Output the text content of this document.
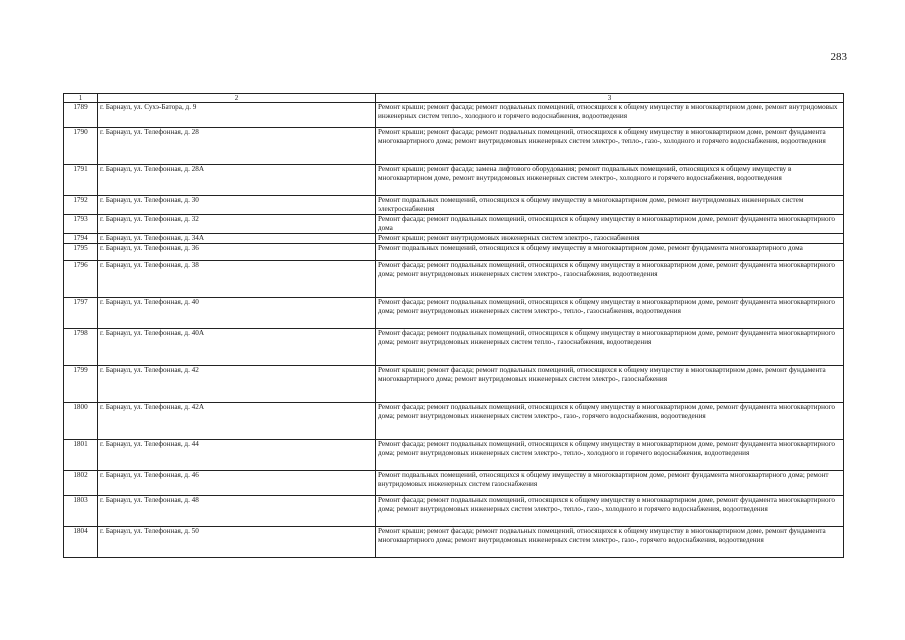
283
1	2	3
1789	г. Барнаул, ул. Сухэ-Батора, д. 9	Ремонт крыши; ремонт фасада; ремонт подвальных помещений, относящихся к общему имуществу в многоквартирном доме, ремонт внутридомовых инженерных систем тепло-, холодного и горячего водоснабжения, водоотведения
1790	г. Барнаул, ул. Телефонная, д. 28	Ремонт крыши; ремонт фасада; ремонт подвальных помещений, относящихся к общему имуществу в многоквартирном доме, ремонт фундамента многоквартирного дома; ремонт внутридомовых инженерных систем электро-, тепло-, газо-, холодного и горячего водоснабжения, водоотведения
1791	г. Барнаул, ул. Телефонная, д. 28А	Ремонт крыши; ремонт фасада; замена лифтового оборудования; ремонт подвальных помещений, относящихся к общему имуществу в многоквартирном доме, ремонт внутридомовых инженерных систем электро-, холодного и горячего водоснабжения, водоотведения
1792	г. Барнаул, ул. Телефонная, д. 30	Ремонт подвальных помещений, относящихся к общему имуществу в многоквартирном доме, ремонт внутридомовых инженерных систем электроснабжения
1793	г. Барнаул, ул. Телефонная, д. 32	Ремонт фасада; ремонт подвальных помещений, относящихся к общему имуществу в многоквартирном доме, ремонт фундамента многоквартирного дома
1794	г. Барнаул, ул. Телефонная, д. 34А	Ремонт крыши; ремонт внутридомовых инженерных систем электро-, газоснабжения
1795	г. Барнаул, ул. Телефонная, д. 36	Ремонт подвальных помещений, относящихся к общему имуществу в многоквартирном доме, ремонт фундамента многоквартирного дома
1796	г. Барнаул, ул. Телефонная, д. 38	Ремонт фасада; ремонт подвальных помещений, относящихся к общему имуществу в многоквартирном доме, ремонт фундамента многоквартирного дома; ремонт внутридомовых инженерных систем электро-, газоснабжения, водоотведения
1797	г. Барнаул, ул. Телефонная, д. 40	Ремонт фасада; ремонт подвальных помещений, относящихся к общему имуществу в многоквартирном доме, ремонт фундамента многоквартирного дома; ремонт внутридомовых инженерных систем электро-, тепло-, газоснабжения, водоотведения
1798	г. Барнаул, ул. Телефонная, д. 40А	Ремонт фасада; ремонт подвальных помещений, относящихся к общему имуществу в многоквартирном доме, ремонт фундамента многоквартирного дома; ремонт внутридомовых инженерных систем тепло-, газоснабжения, водоотведения
1799	г. Барнаул, ул. Телефонная, д. 42	Ремонт крыши; ремонт фасада; ремонт подвальных помещений, относящихся к общему имуществу в многоквартирном доме, ремонт фундамента многоквартирного дома; ремонт внутридомовых инженерных систем электро-, газоснабжения
1800	г. Барнаул, ул. Телефонная, д. 42А	Ремонт фасада; ремонт подвальных помещений, относящихся к общему имуществу в многоквартирном доме, ремонт фундамента многоквартирного дома; ремонт внутридомовых инженерных систем электро-, газо-, горячего водоснабжения, водоотведения
1801	г. Барнаул, ул. Телефонная, д. 44	Ремонт фасада; ремонт подвальных помещений, относящихся к общему имуществу в многоквартирном доме, ремонт фундамента многоквартирного дома; ремонт внутридомовых инженерных систем электро-, тепло-, холодного и горячего водоснабжения, водоотведения
1802	г. Барнаул, ул. Телефонная, д. 46	Ремонт подвальных помещений, относящихся к общему имуществу в многоквартирном доме, ремонт фундамента многоквартирного дома; ремонт внутридомовых инженерных систем газоснабжения
1803	г. Барнаул, ул. Телефонная, д. 48	Ремонт фасада; ремонт подвальных помещений, относящихся к общему имуществу в многоквартирном доме, ремонт фундамента многоквартирного дома; ремонт внутридомовых инженерных систем электро-, тепло-, газо-, холодного и горячего водоснабжения, водоотведения
1804	г. Барнаул, ул. Телефонная, д. 50	Ремонт крыши; ремонт фасада; ремонт подвальных помещений, относящихся к общему имуществу в многоквартирном доме, ремонт фундамента многоквартирного дома; ремонт внутридомовых инженерных систем электро-, газо-, горячего водоснабжения, водоотведения
